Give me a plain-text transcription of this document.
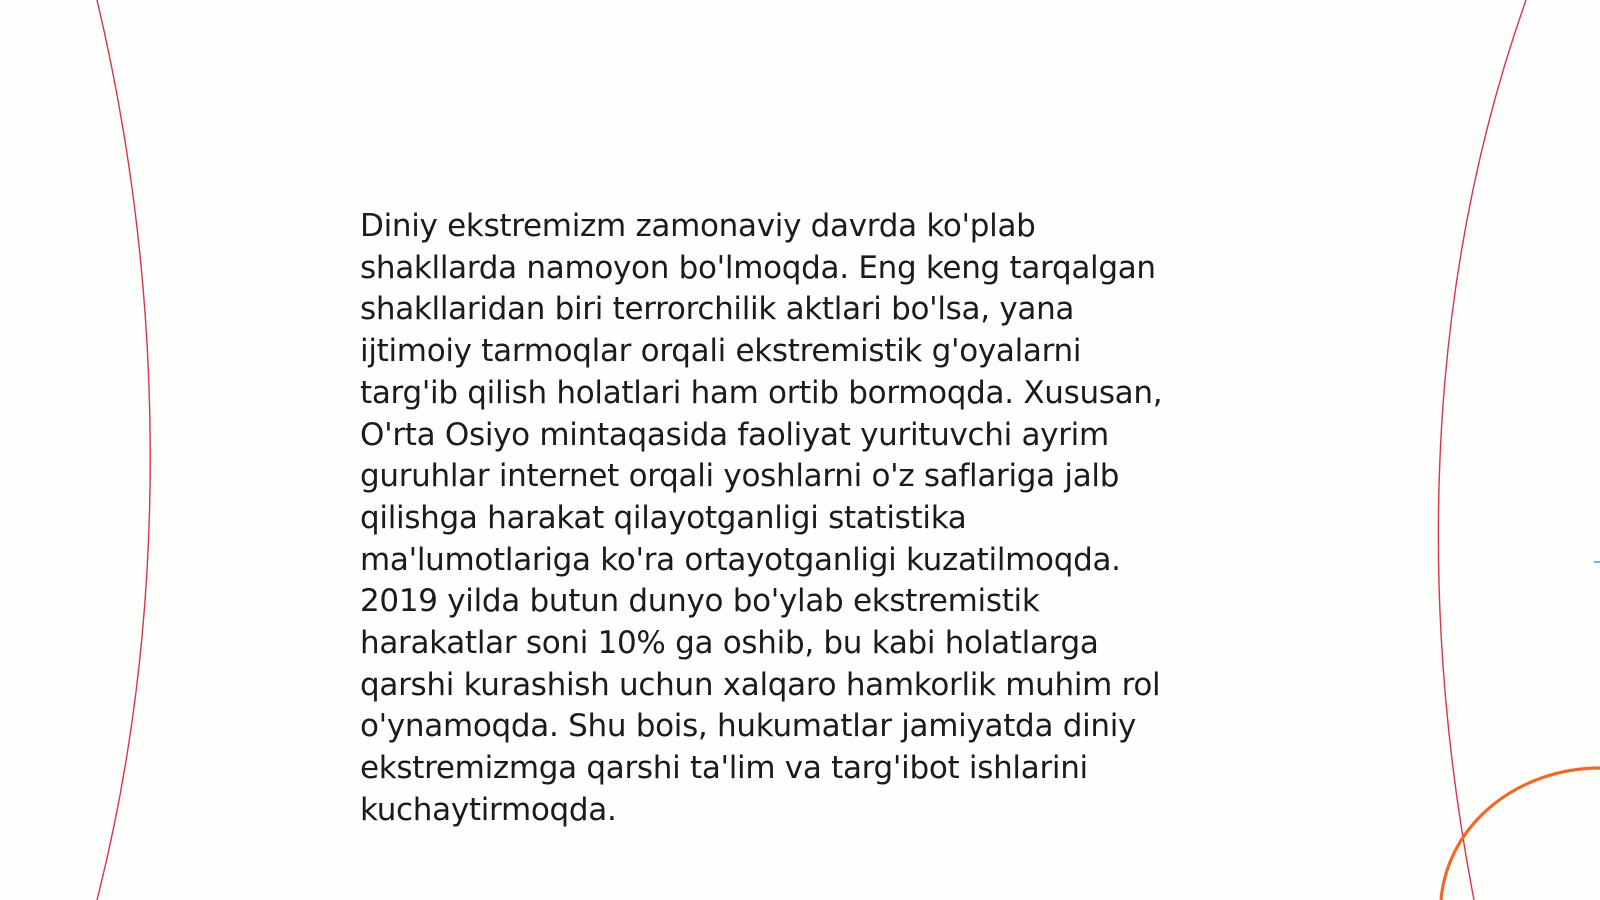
Diniy ekstremizm zamonaviy davrda ko'plab
shakllarda namoyon bo'lmoqda. Eng keng tarqalgan
shakllaridan biri terrorchilik aktlari bo'lsa, yana
ijtimoiy tarmoqlar orqali ekstremistik g'oyalarni
targ'ib qilish holatlari ham ortib bormoqda. Xususan,
O'rta Osiyo mintaqasida faoliyat yurituvchi ayrim
guruhlar internet orqali yoshlarni o'z saflariga jalb
qilishga harakat qilayotganligi statistika
ma'lumotlariga ko'ra ortayotganligi kuzatilmoqda.
2019 yilda butun dunyo bo'ylab ekstremistik
harakatlar soni 10% ga oshib, bu kabi holatlarga
qarshi kurashish uchun xalqaro hamkorlik muhim rol
o'ynamoqda. Shu bois, hukumatlar jamiyatda diniy
ekstremizmga qarshi ta'lim va targ'ibot ishlarini
kuchaytirmoqda.
